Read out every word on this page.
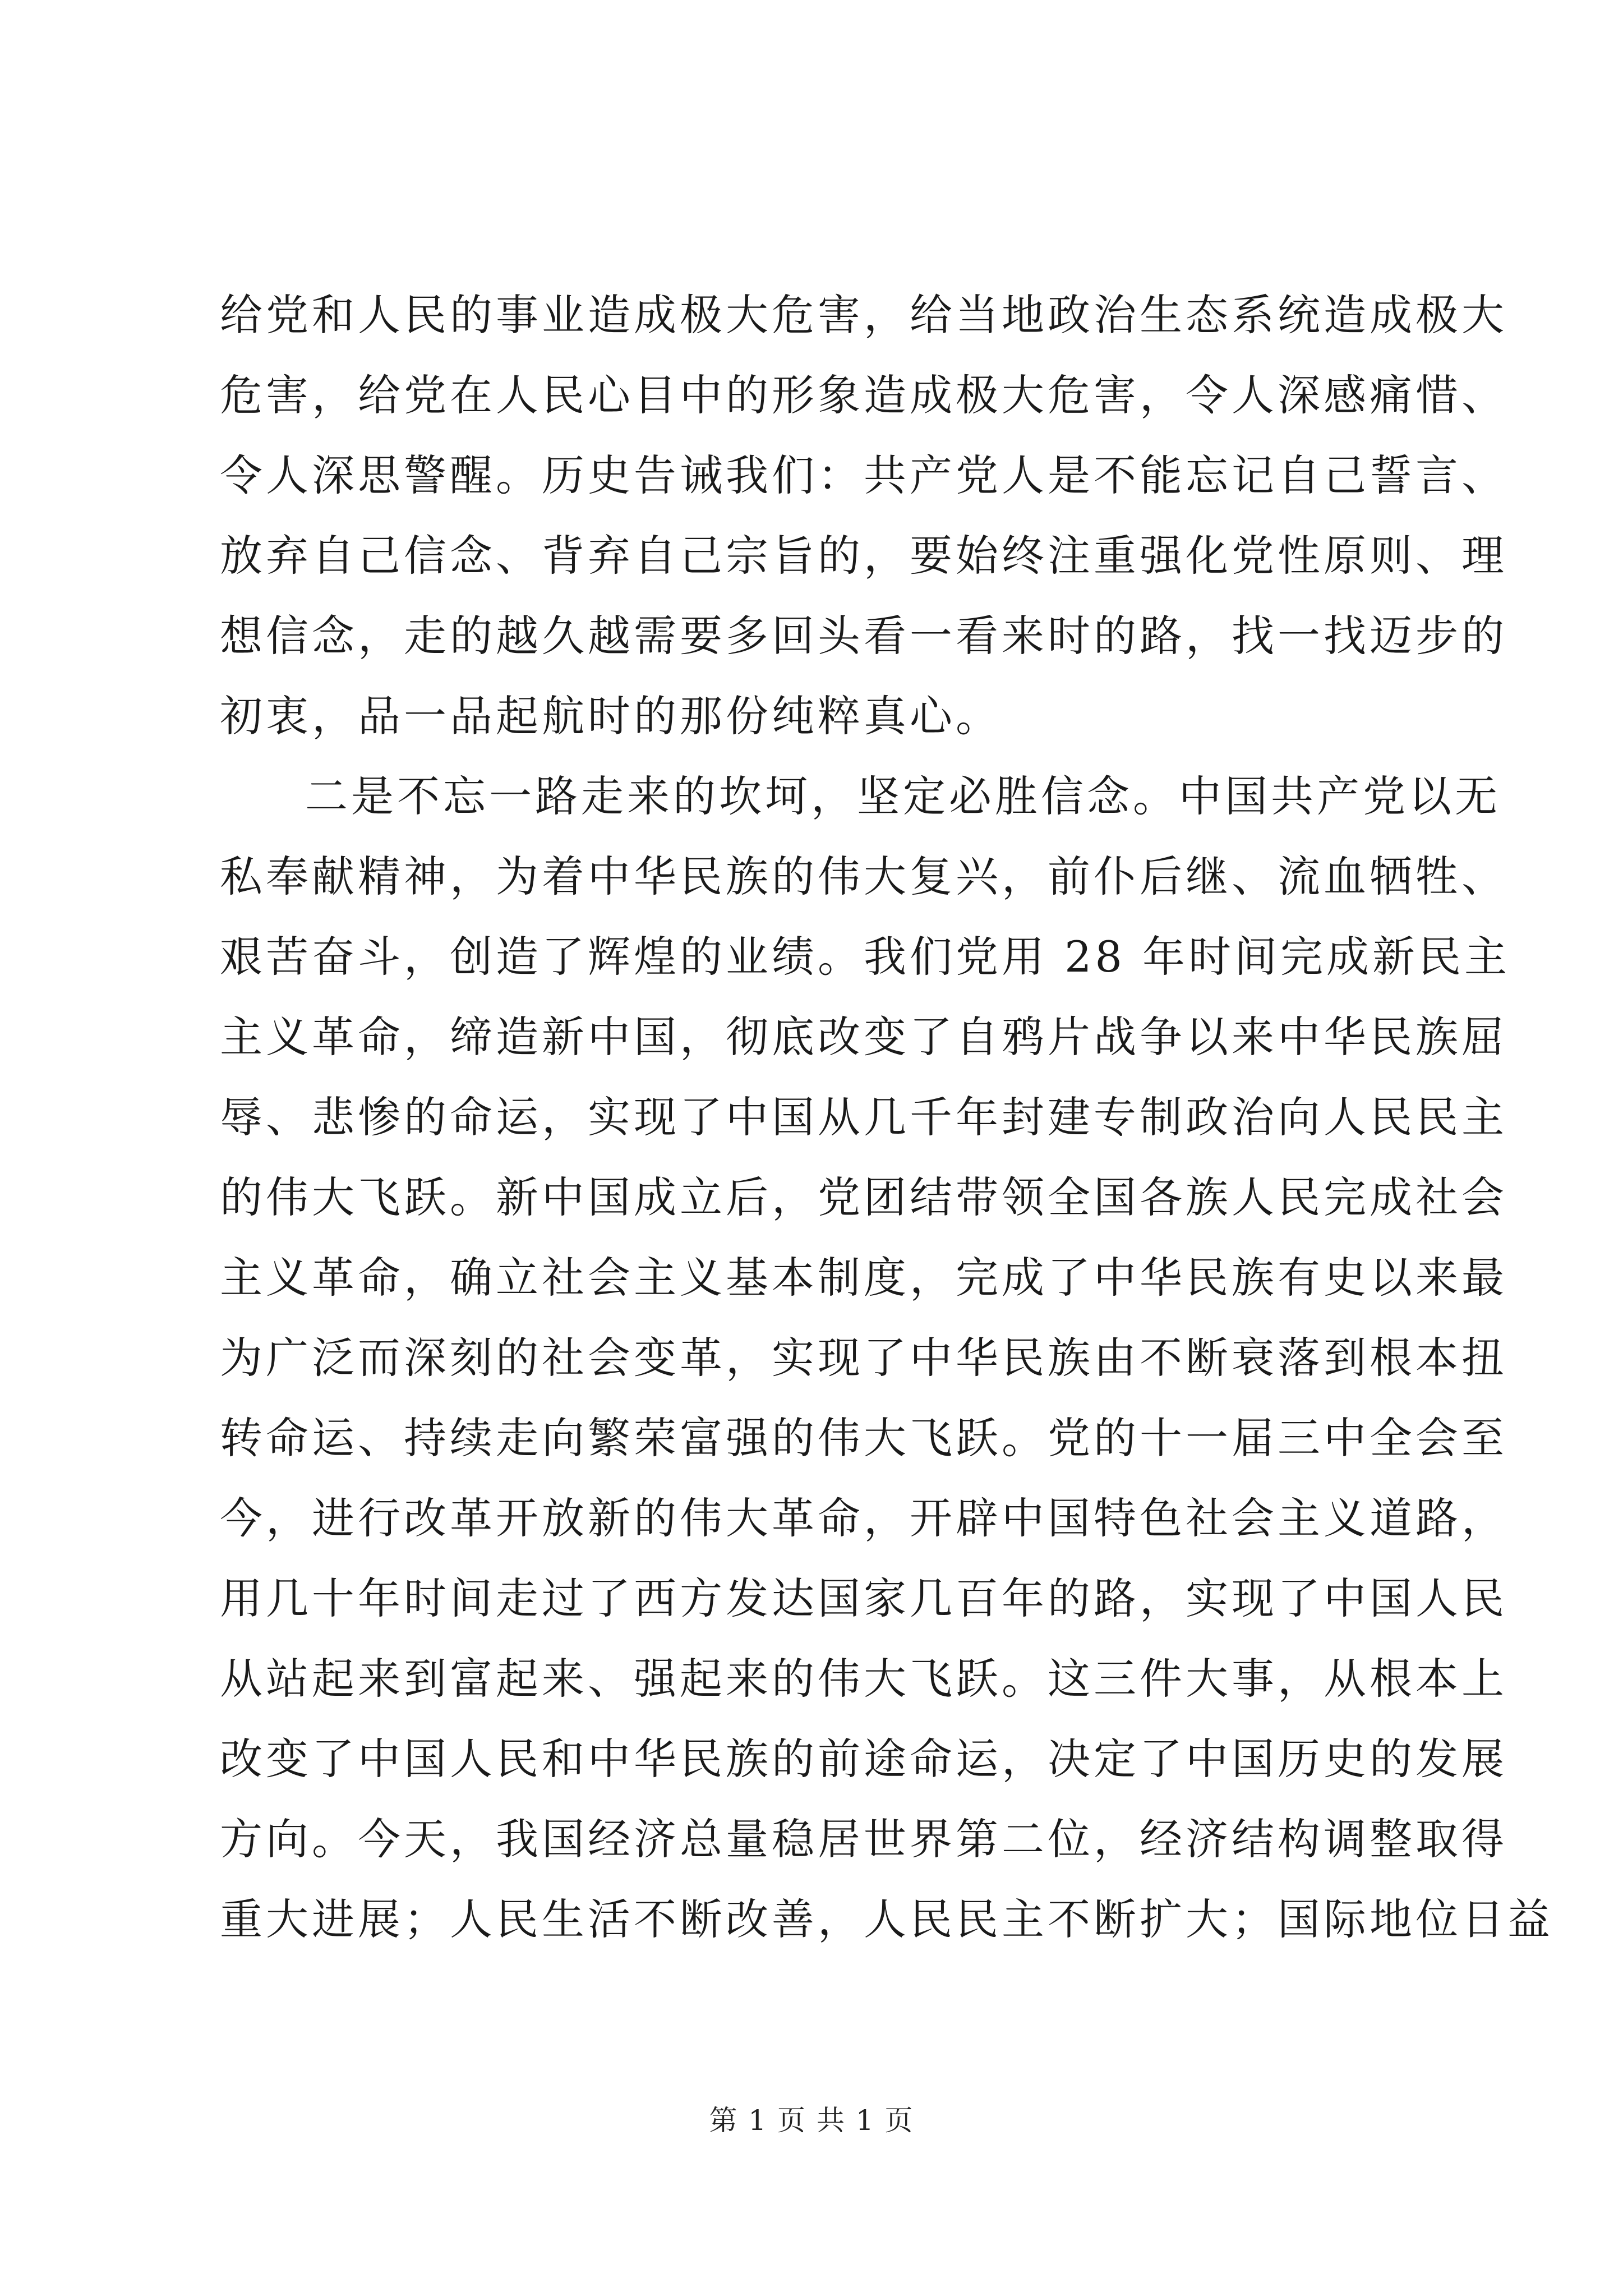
给党和人民的事业造成极大危害，给当地政治生态系统造成极大
危害，给党在人民心目中的形象造成极大危害，令人深感痛惜、
令人深思警醒。历史告诫我们：共产党人是不能忘记自己誓言、
放弃自己信念、背弃自己宗旨的，要始终注重强化党性原则、理
想信念，走的越久越需要多回头看一看来时的路，找一找迈步的
初衷，品一品起航时的那份纯粹真心。
二是不忘一路走来的坎坷，坚定必胜信念。中国共产党以无
私奉献精神，为着中华民族的伟大复兴，前仆后继、流血牺牲、
艰苦奋斗，创造了辉煌的业绩。我们党用 28 年时间完成新民主
主义革命，缔造新中国，彻底改变了自鸦片战争以来中华民族屈
辱、悲惨的命运，实现了中国从几千年封建专制政治向人民民主
的伟大飞跃。新中国成立后，党团结带领全国各族人民完成社会
主义革命，确立社会主义基本制度，完成了中华民族有史以来最
为广泛而深刻的社会变革，实现了中华民族由不断衰落到根本扭
转命运、持续走向繁荣富强的伟大飞跃。党的十一届三中全会至
今，进行改革开放新的伟大革命，开辟中国特色社会主义道路，
用几十年时间走过了西方发达国家几百年的路，实现了中国人民
从站起来到富起来、强起来的伟大飞跃。这三件大事，从根本上
改变了中国人民和中华民族的前途命运，决定了中国历史的发展
方向。今天，我国经济总量稳居世界第二位，经济结构调整取得
重大进展；人民生活不断改善，人民民主不断扩大；国际地位日益
第 1 页 共 1 页
